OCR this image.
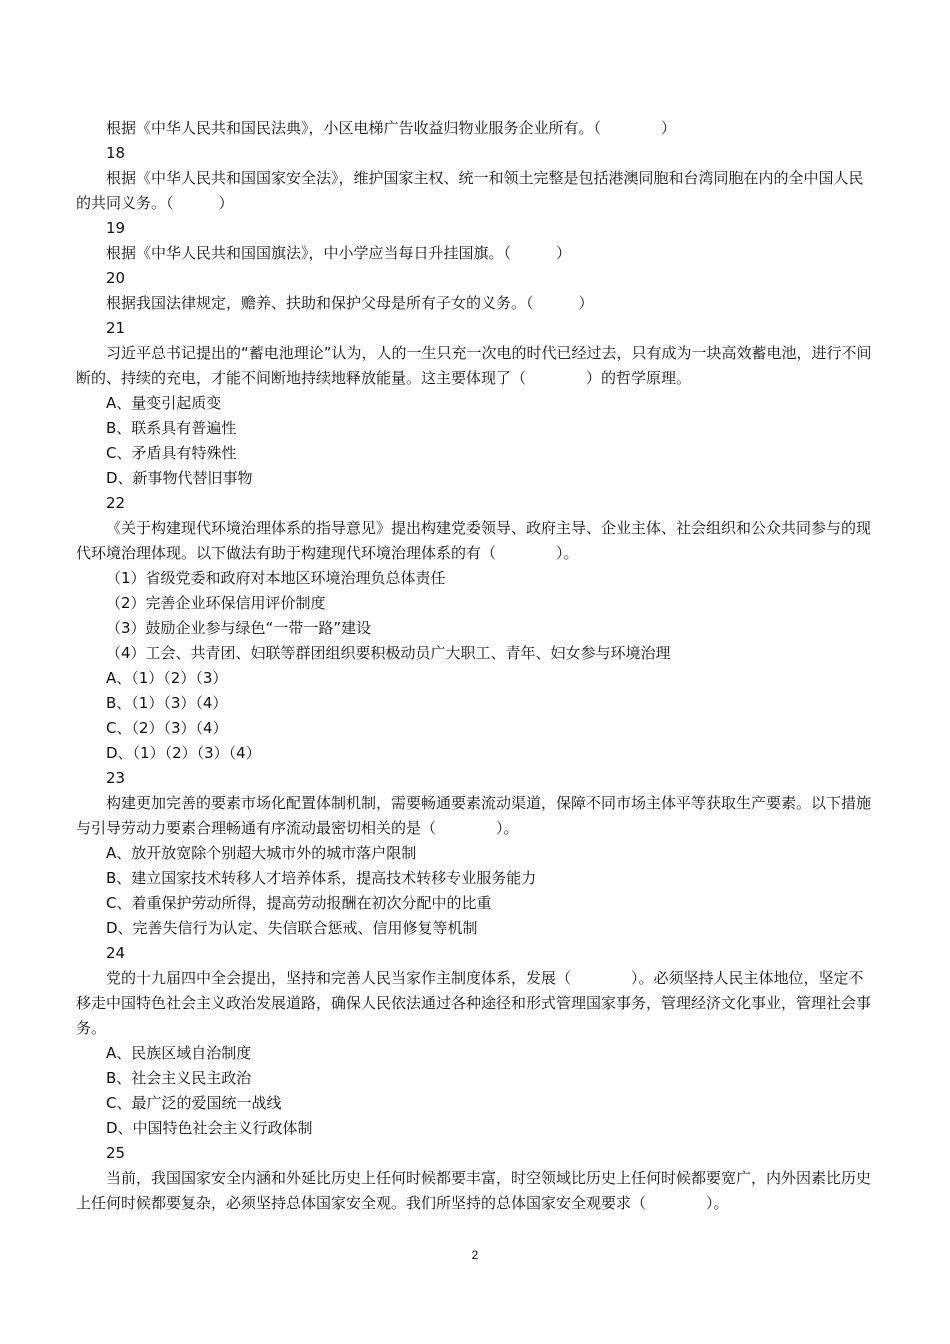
根据《中华人民共和国民法典》，小区电梯广告收益归物业服务企业所有。（　　　　）
18
根据《中华人民共和国国家安全法》，维护国家主权、统一和领土完整是包括港澳同胞和台湾同胞在内的全中国人民的共同义务。（　　　）
19
根据《中华人民共和国国旗法》，中小学应当每日升挂国旗。（　　　）
20
根据我国法律规定，赡养、扶助和保护父母是所有子女的义务。（　　　）
21
习近平总书记提出的“蓄电池理论”认为，人的一生只充一次电的时代已经过去，只有成为一块高效蓄电池，进行不间断的、持续的充电，才能不间断地持续地释放能量。这主要体现了（　　　　）的哲学原理。
A、量变引起质变
B、联系具有普遍性
C、矛盾具有特殊性
D、新事物代替旧事物
22
《关于构建现代环境治理体系的指导意见》提出构建党委领导、政府主导、企业主体、社会组织和公众共同参与的现代环境治理体现。以下做法有助于构建现代环境治理体系的有（　　　　）。
（1）省级党委和政府对本地区环境治理负总体责任
（2）完善企业环保信用评价制度
（3）鼓励企业参与绿色“一带一路”建设
（4）工会、共青团、妇联等群团组织要积极动员广大职工、青年、妇女参与环境治理
A、（1）（2）（3）
B、（1）（3）（4）
C、（2）（3）（4）
D、（1）（2）（3）（4）
23
构建更加完善的要素市场化配置体制机制，需要畅通要素流动渠道，保障不同市场主体平等获取生产要素。以下措施与引导劳动力要素合理畅通有序流动最密切相关的是（　　　　）。
A、放开放宽除个别超大城市外的城市落户限制
B、建立国家技术转移人才培养体系，提高技术转移专业服务能力
C、着重保护劳动所得，提高劳动报酬在初次分配中的比重
D、完善失信行为认定、失信联合惩戒、信用修复等机制
24
党的十九届四中全会提出，坚持和完善人民当家作主制度体系，发展（　　　　）。必须坚持人民主体地位，坚定不移走中国特色社会主义政治发展道路，确保人民依法通过各种途径和形式管理国家事务，管理经济文化事业，管理社会事务。
A、民族区域自治制度
B、社会主义民主政治
C、最广泛的爱国统一战线
D、中国特色社会主义行政体制
25
当前，我国国家安全内涵和外延比历史上任何时候都要丰富，时空领域比历史上任何时候都要宽广，内外因素比历史上任何时候都要复杂，必须坚持总体国家安全观。我们所坚持的总体国家安全观要求（　　　　）。
2
